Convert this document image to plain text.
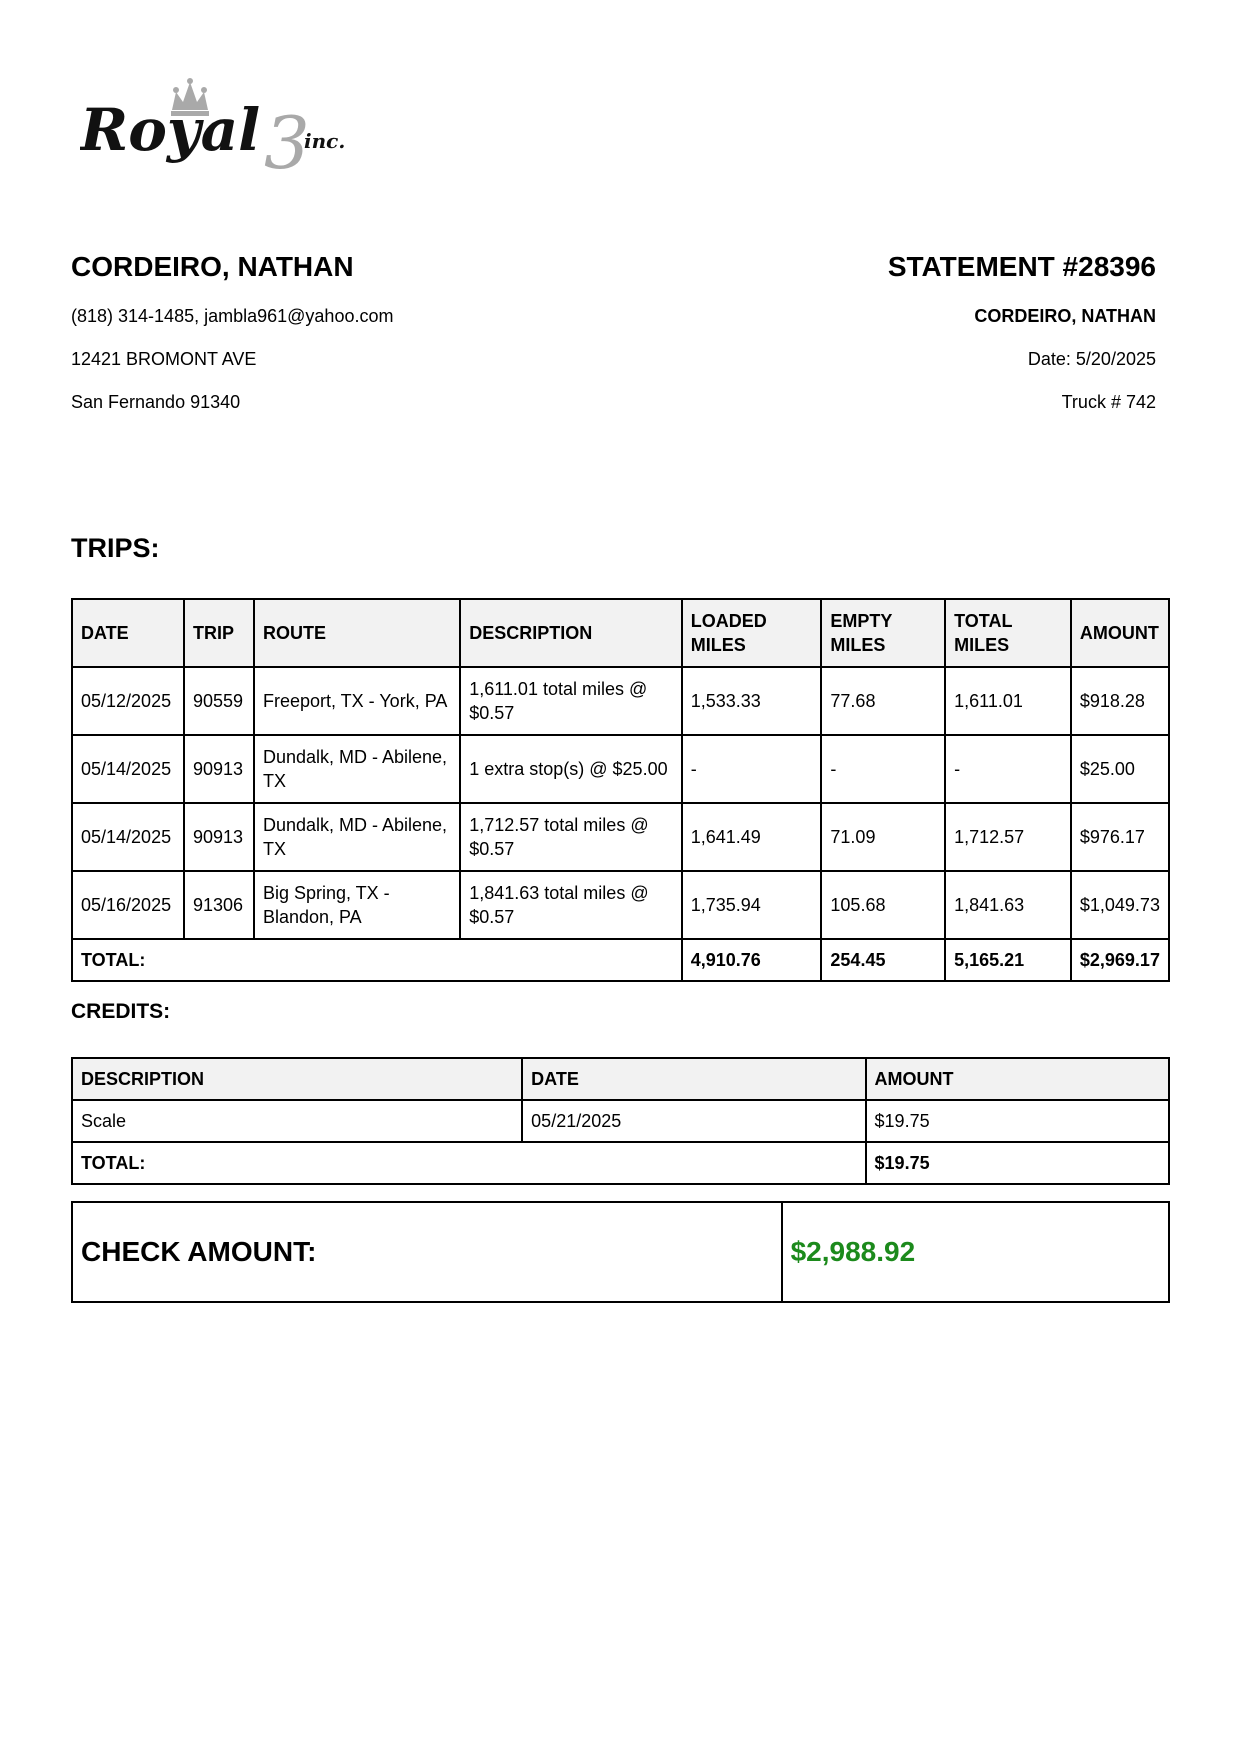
Royal 3
inc.
CORDEIRO, NATHAN
(818) 314-1485, jambla961@yahoo.com
12421 BROMONT AVE
San Fernando 91340
STATEMENT #28396
CORDEIRO, NATHAN
Date: 5/20/2025
Truck # 742
TRIPS:
DATE	TRIP	ROUTE	DESCRIPTION	LOADED MILES	EMPTY MILES	TOTAL MILES	AMOUNT
05/12/2025	90559	Freeport, TX - York, PA	1,611.01 total miles @ $0.57	1,533.33	77.68	1,611.01	$918.28
05/14/2025	90913	Dundalk, MD - Abilene, TX	1 extra stop(s) @ $25.00	-	-	-	$25.00
05/14/2025	90913	Dundalk, MD - Abilene, TX	1,712.57 total miles @ $0.57	1,641.49	71.09	1,712.57	$976.17
05/16/2025	91306	Big Spring, TX - Blandon, PA	1,841.63 total miles @ $0.57	1,735.94	105.68	1,841.63	$1,049.73
TOTAL:				4,910.76	254.45	5,165.21	$2,969.17
CREDITS:
DESCRIPTION	DATE	AMOUNT
Scale	05/21/2025	$19.75
TOTAL:		$19.75
CHECK AMOUNT:	$2,988.92
